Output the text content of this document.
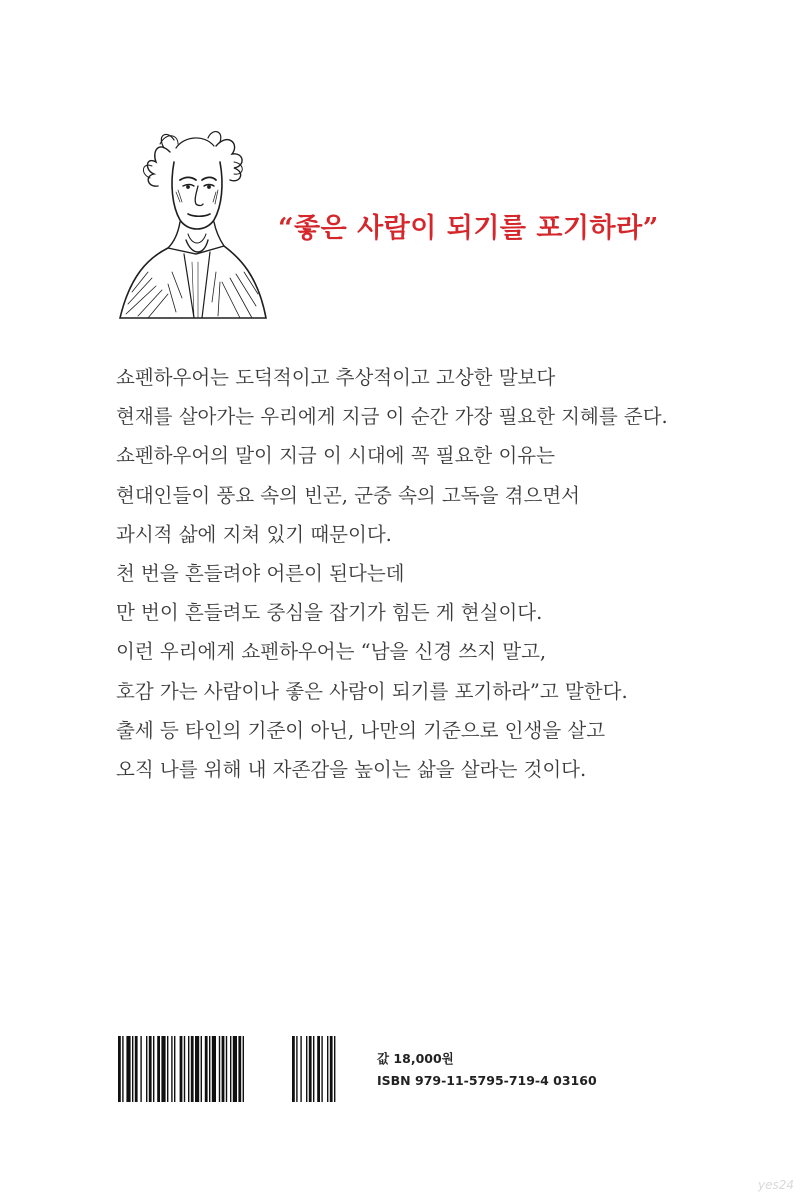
“좋은 사람이 되기를 포기하라”
쇼펜하우어는 도덕적이고 추상적이고 고상한 말보다
현재를 살아가는 우리에게 지금 이 순간 가장 필요한 지혜를 준다.
쇼펜하우어의 말이 지금 이 시대에 꼭 필요한 이유는
현대인들이 풍요 속의 빈곤, 군중 속의 고독을 겪으면서
과시적 삶에 지쳐 있기 때문이다.
천 번을 흔들려야 어른이 된다는데
만 번이 흔들려도 중심을 잡기가 힘든 게 현실이다.
이런 우리에게 쇼펜하우어는 “남을 신경 쓰지 말고,
호감 가는 사람이나 좋은 사람이 되기를 포기하라”고 말한다.
출세 등 타인의 기준이 아닌, 나만의 기준으로 인생을 살고
오직 나를 위해 내 자존감을 높이는 삶을 살라는 것이다.
값 18,000원
ISBN 979-11-5795-719-4 03160
yes24
